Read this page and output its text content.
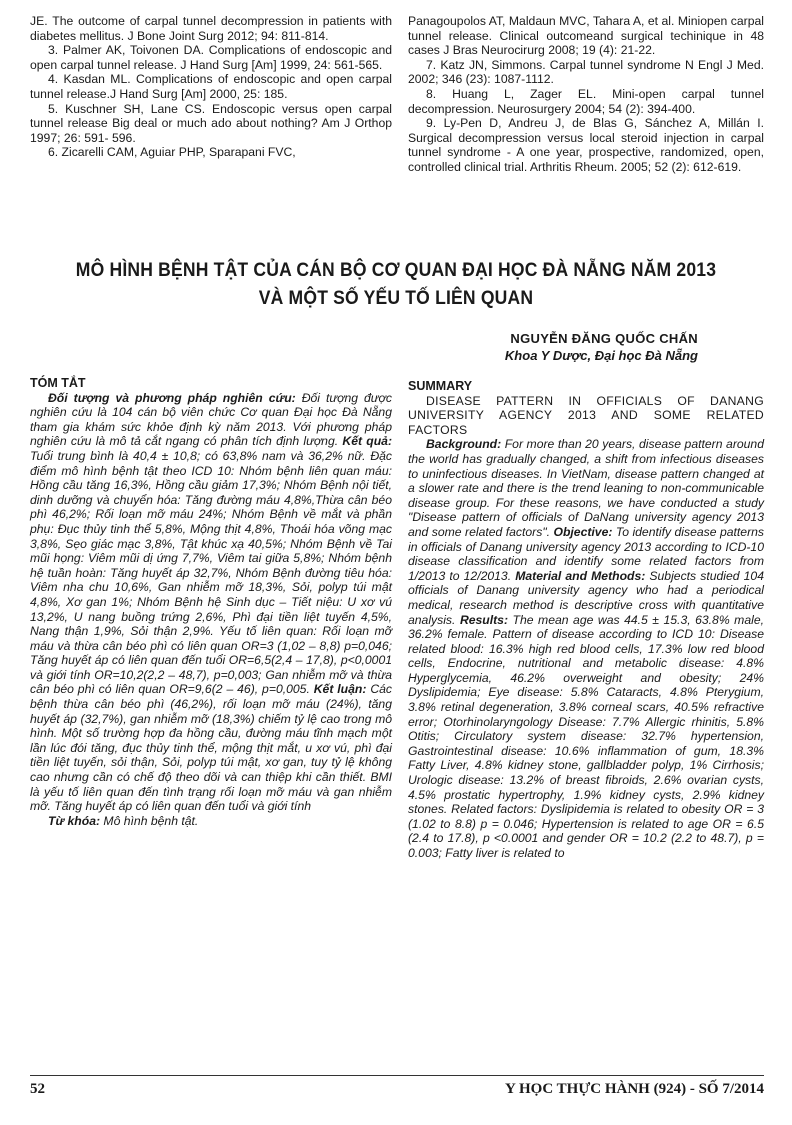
JE. The outcome of carpal tunnel decompression in patients with diabetes mellitus. J Bone Joint Surg 2012; 94: 811-814.

3. Palmer AK, Toivonen DA. Complications of endoscopic and open carpal tunnel release. J Hand Surg [Am] 1999, 24: 561-565.

4. Kasdan ML. Complications of endoscopic and open carpal tunnel release.J Hand Surg [Am] 2000, 25: 185.

5. Kuschner SH, Lane CS. Endoscopic versus open carpal tunnel release Big deal or much ado about nothing? Am J Orthop 1997; 26: 591- 596.

6. Zicarelli CAM, Aguiar PHP, Sparapani FVC,

Panagoupolos AT, Maldaun MVC, Tahara A, et al. Miniopen carpal tunnel release. Clinical outcomeand surgical techinique in 48 cases J Bras Neurocirurg 2008; 19 (4): 21-22.

7. Katz JN, Simmons. Carpal tunnel syndrome N Engl J Med. 2002; 346 (23): 1087-1112.

8. Huang L, Zager EL. Mini-open carpal tunnel decompression. Neurosurgery 2004; 54 (2): 394-400.

9. Ly-Pen D, Andreu J, de Blas G, Sánchez A, Millán I. Surgical decompression versus local steroid injection in carpal tunnel syndrome - A one year, prospective, randomized, open, controlled clinical trial. Arthritis Rheum. 2005; 52 (2): 612-619.

MÔ HÌNH BỆNH TẬT CỦA CÁN BỘ CƠ QUAN ĐẠI HỌC ĐÀ NẴNG NĂM 2013
VÀ MỘT SỐ YẾU TỐ LIÊN QUAN
NGUYỄN ĐĂNG QUỐC CHẤN
Khoa Y Dược, Đại học Đà Nẵng

TÓM TẮT

Đối tượng và phương pháp nghiên cứu: Đối tượng được nghiên cứu là 104 cán bộ viên chức Cơ quan Đại học Đà Nẵng tham gia khám sức khỏe định kỳ năm 2013. Với phương pháp nghiên cứu là mô tả cắt ngang có phân tích định lượng. Kết quả: Tuổi trung bình là 40,4 ± 10,8; có 63,8% nam và 36,2% nữ. Đặc điểm mô hình bệnh tật theo ICD 10: Nhóm bệnh liên quan máu: Hồng cầu tăng 16,3%, Hồng cầu giảm 17,3%; Nhóm Bệnh nội tiết, dinh dưỡng và chuyển hóa: Tăng đường máu 4,8%,Thừa cân béo phì 46,2%; Rối loạn mỡ máu 24%; Nhóm Bệnh về mắt và phần phụ: Đục thủy tinh thể 5,8%, Mộng thịt 4,8%, Thoái hóa võng mạc 3,8%, Sẹo giác mạc 3,8%, Tật khúc xạ 40,5%; Nhóm Bệnh về Tai mũi họng: Viêm mũi dị ứng 7,7%, Viêm tai giữa 5,8%; Nhóm bệnh hệ tuần hoàn: Tăng huyết áp 32,7%, Nhóm Bệnh đường tiêu hóa: Viêm nha chu 10,6%, Gan nhiễm mỡ 18,3%, Sỏi, polyp túi mật 4,8%, Xơ gan 1%; Nhóm Bệnh hệ Sinh dục – Tiết niệu: U xơ vú 13,2%, U nang buồng trứng 2,6%, Phì đại tiền liệt tuyến 4,5%, Nang thận 1,9%, Sỏi thận 2,9%. Yếu tố liên quan: Rối loạn mỡ máu và thừa cân béo phì có liên quan OR=3 (1,02 – 8,8) p=0,046; Tăng huyết áp có liên quan đến tuổi OR=6,5(2,4 – 17,8), p<0,0001 và giới tính OR=10,2(2,2 – 48,7), p=0,003; Gan nhiễm mỡ và thừa cân béo phì có liên quan OR=9,6(2 – 46), p=0,005. Kết luận: Các bệnh thừa cân béo phì (46,2%), rối loạn mỡ máu (24%), tăng huyết áp (32,7%), gan nhiễm mỡ (18,3%) chiếm tỷ lệ cao trong mô hình. Một số trường hợp đa hồng cầu, đường máu tĩnh mạch một lần lúc đói tăng, đục thủy tinh thể, mộng thịt mắt, u xơ vú, phì đại tiền liệt tuyến, sỏi thận, Sỏi, polyp túi mật, xơ gan, tuy tỷ lệ không cao nhưng cần có chế độ theo dõi và can thiệp khi cần thiết. BMI là yếu tố liên quan đến tình trạng rối loạn mỡ máu và gan nhiễm mỡ. Tăng huyết áp có liên quan đến tuổi và giới tính

Từ khóa: Mô hình bệnh tật.

SUMMARY

DISEASE PATTERN IN OFFICIALS OF DANANG UNIVERSITY AGENCY 2013 AND SOME RELATED FACTORS

Background: For more than 20 years, disease pattern around the world has gradually changed, a shift from infectious diseases to uninfectious diseases. In VietNam, disease pattern changed at a slower rate and there is the trend leaning to non-communicable disease group. For these reasons, we have conducted a study "Disease pattern of officials of DaNang university agency 2013 and some related factors". Objective: To identify disease patterns in officials of Danang university agency 2013 according to ICD-10 disease classification and identify some related factors from 1/2013 to 12/2013. Material and Methods: Subjects studied 104 officials of Danang university agency who had a periodical medical, research method is descriptive cross with quantitative analysis. Results: The mean age was 44.5 ± 15.3, 63.8% male, 36.2% female. Pattern of disease according to ICD 10: Disease related blood: 16.3% high red blood cells, 17.3% low red blood cells, Endocrine, nutritional and metabolic disease: 4.8% Hyperglycemia, 46.2% overweight and obesity; 24% Dyslipidemia; Eye disease: 5.8% Cataracts, 4.8% Pterygium, 3.8% retinal degeneration, 3.8% corneal scars, 40.5% refractive error; Otorhinolaryngology Disease: 7.7% Allergic rhinitis, 5.8% Otitis; Circulatory system disease: 32.7% hypertension, Gastrointestinal disease: 10.6% inflammation of gum, 18.3% Fatty Liver, 4.8% kidney stone, gallbladder polyp, 1% Cirrhosis; Urologic disease: 13.2% of breast fibroids, 2.6% ovarian cysts, 4.5% prostatic hypertrophy, 1.9% kidney cysts, 2.9% kidney stones. Related factors: Dyslipidemia is related to obesity OR = 3 (1.02 to 8.8) p = 0.046; Hypertension is related to age OR = 6.5 (2.4 to 17.8), p <0.0001 and gender OR = 10.2 (2.2 to 48.7), p = 0.003; Fatty liver is related to

52	Y HỌC THỰC HÀNH (924) - SỐ 7/2014
